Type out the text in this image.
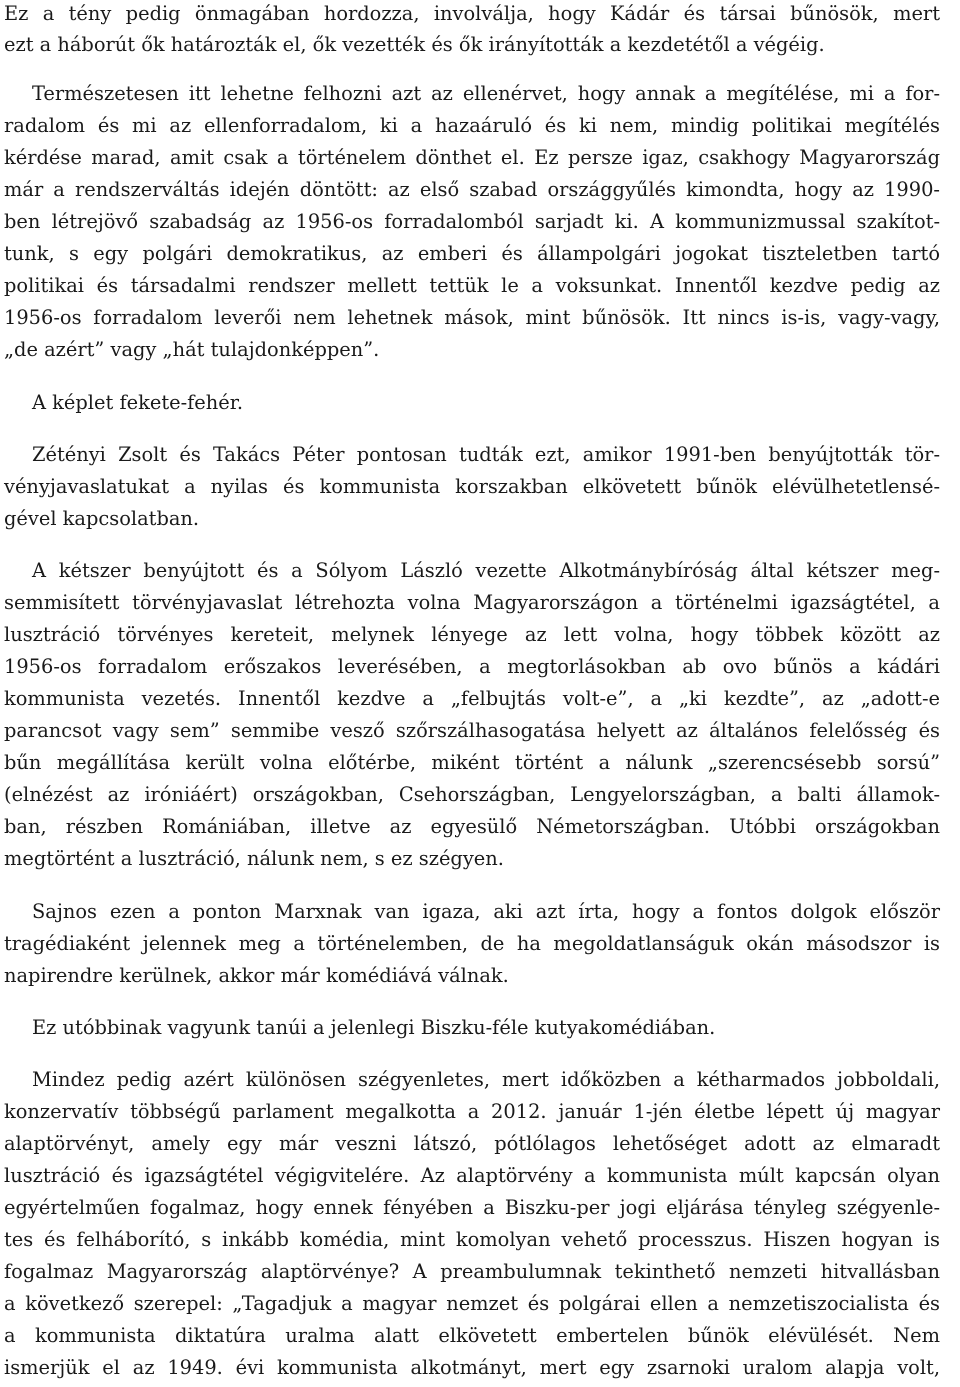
Ez a tény pedig önmagában hordozza, involválja, hogy Kádár és társai bűnösök, mert
ezt a háborút ők határozták el, ők vezették és ők irányították a kezdetétől a végéig.
Természetesen itt lehetne felhozni azt az ellenérvet, hogy annak a megítélése, mi a for-
radalom és mi az ellenforradalom, ki a hazaáruló és ki nem, mindig politikai megítélés
kérdése marad, amit csak a történelem dönthet el. Ez persze igaz, csakhogy Magyarország
már a rendszerváltás idején döntött: az első szabad országgyűlés kimondta, hogy az 1990-
ben létrejövő szabadság az 1956-os forradalomból sarjadt ki. A kommunizmussal szakítot-
tunk, s egy polgári demokratikus, az emberi és állampolgári jogokat tiszteletben tartó
politikai és társadalmi rendszer mellett tettük le a voksunkat. Innentől kezdve pedig az
1956-os forradalom leverői nem lehetnek mások, mint bűnösök. Itt nincs is-is, vagy-vagy,
„de azért” vagy „hát tulajdonképpen”.
A képlet fekete-fehér.
Zétényi Zsolt és Takács Péter pontosan tudták ezt, amikor 1991-ben benyújtották tör-
vényjavaslatukat a nyilas és kommunista korszakban elkövetett bűnök elévülhetetlensé-
gével kapcsolatban.
A kétszer benyújtott és a Sólyom László vezette Alkotmánybíróság által kétszer meg-
semmisített törvényjavaslat létrehozta volna Magyarországon a történelmi igazságtétel, a
lusztráció törvényes kereteit, melynek lényege az lett volna, hogy többek között az
1956-os forradalom erőszakos leverésében, a megtorlásokban ab ovo bűnös a kádári
kommunista vezetés. Innentől kezdve a „felbujtás volt-e”, a „ki kezdte”, az „adott-e
parancsot vagy sem” semmibe vesző szőrszálhasogatása helyett az általános felelősség és
bűn megállítása került volna előtérbe, miként történt a nálunk „szerencsésebb sorsú”
(elnézést az iróniáért) országokban, Csehországban, Lengyelországban, a balti államok-
ban, részben Romániában, illetve az egyesülő Németországban. Utóbbi országokban
megtörtént a lusztráció, nálunk nem, s ez szégyen.
Sajnos ezen a ponton Marxnak van igaza, aki azt írta, hogy a fontos dolgok először
tragédiaként jelennek meg a történelemben, de ha megoldatlanságuk okán másodszor is
napirendre kerülnek, akkor már komédiává válnak.
Ez utóbbinak vagyunk tanúi a jelenlegi Biszku-féle kutyakomédiában.
Mindez pedig azért különösen szégyenletes, mert időközben a kétharmados jobboldali,
konzervatív többségű parlament megalkotta a 2012. január 1-jén életbe lépett új magyar
alaptörvényt, amely egy már veszni látszó, pótlólagos lehetőséget adott az elmaradt
lusztráció és igazságtétel végigvitelére. Az alaptörvény a kommunista múlt kapcsán olyan
egyértelműen fogalmaz, hogy ennek fényében a Biszku-per jogi eljárása tényleg szégyenle-
tes és felháborító, s inkább komédia, mint komolyan vehető processzus. Hiszen hogyan is
fogalmaz Magyarország alaptörvénye? A preambulumnak tekinthető nemzeti hitvallásban
a következő szerepel: „Tagadjuk a magyar nemzet és polgárai ellen a nemzetiszocialista és
a kommunista diktatúra uralma alatt elkövetett embertelen bűnök elévülését. Nem
ismerjük el az 1949. évi kommunista alkotmányt, mert egy zsarnoki uralom alapja volt,
